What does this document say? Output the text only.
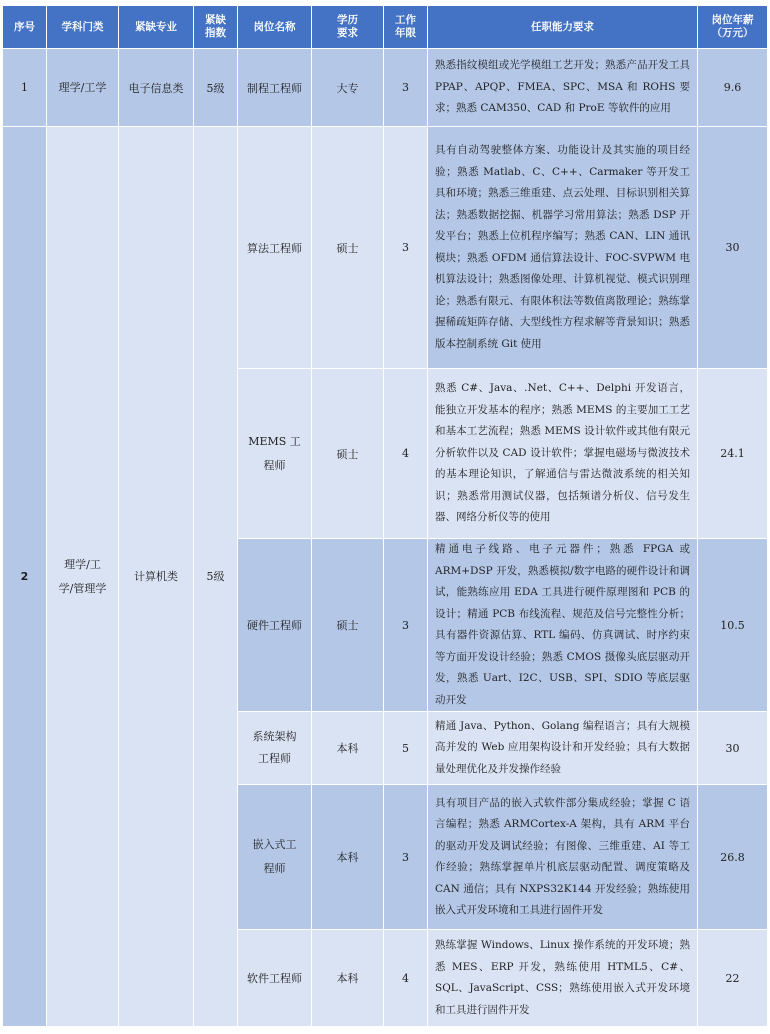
序号	学科门类	紧缺专业	紧缺指数	岗位名称	学历要求	工作年限	任职能力要求	岗位年薪（万元）
1	理学/工学	电子信息类	5级	制程工程师	大专	3	熟悉指纹模组或光学模组工艺开发；熟悉产品开发工具 PPAP、APQP、FMEA、SPC、MSA 和 ROHS 要求；熟悉 CAM350、CAD 和 ProE 等软件的应用	9.6
2	理学/工学/管理学	计算机类	5级	算法工程师	硕士	3	具有自动驾驶整体方案、功能设计及其实施的项目经验；熟悉 Matlab、C、C++、Carmaker 等开发工具和环境；熟悉三维重建、点云处理、目标识别相关算法；熟悉数据挖掘、机器学习常用算法；熟悉 DSP 开发平台；熟悉上位机程序编写；熟悉 CAN、LIN 通讯模块；熟悉 OFDM 通信算法设计、FOC-SVPWM 电机算法设计；熟悉图像处理、计算机视觉、模式识别理论；熟悉有限元、有限体积法等数值离散理论；熟练掌握稀疏矩阵存储、大型线性方程求解等背景知识；熟悉版本控制系统 Git 使用	30
				MEMS 工程师	硕士	4	熟悉 C#、Java、.Net、C++、Delphi 开发语言，能独立开发基本的程序；熟悉 MEMS 的主要加工工艺和基本工艺流程；熟悉 MEMS 设计软件或其他有限元分析软件以及 CAD 设计软件；掌握电磁场与微波技术的基本理论知识，了解通信与雷达微波系统的相关知识；熟悉常用测试仪器，包括频谱分析仪、信号发生器、网络分析仪等的使用	24.1
				硬件工程师	硕士	3	精通电子线路、电子元器件；熟悉 FPGA 或 ARM+DSP 开发，熟悉模拟/数字电路的硬件设计和调试，能熟练应用 EDA 工具进行硬件原理图和 PCB 的设计；精通 PCB 布线流程、规范及信号完整性分析；具有器件资源估算、RTL 编码、仿真调试、时序约束等方面开发设计经验；熟悉 CMOS 摄像头底层驱动开发，熟悉 Uart、I2C、USB、SPI、SDIO 等底层驱动开发	10.5
				系统架构工程师	本科	5	精通 Java、Python、Golang 编程语言；具有大规模高并发的 Web 应用架构设计和开发经验；具有大数据量处理优化及并发操作经验	30
				嵌入式工程师	本科	3	具有项目产品的嵌入式软件部分集成经验；掌握 C 语言编程；熟悉 ARMCortex-A 架构，具有 ARM 平台的驱动开发及调试经验；有图像、三维重建、AI 等工作经验；熟练掌握单片机底层驱动配置、调度策略及 CAN 通信；具有 NXPS32K144 开发经验；熟练使用嵌入式开发环境和工具进行固件开发	26.8
				软件工程师	本科	4	熟练掌握 Windows、Linux 操作系统的开发环境；熟悉 MES、ERP 开发，熟练使用 HTML5、C#、SQL、JavaScript、CSS；熟练使用嵌入式开发环境和工具进行固件开发	22
